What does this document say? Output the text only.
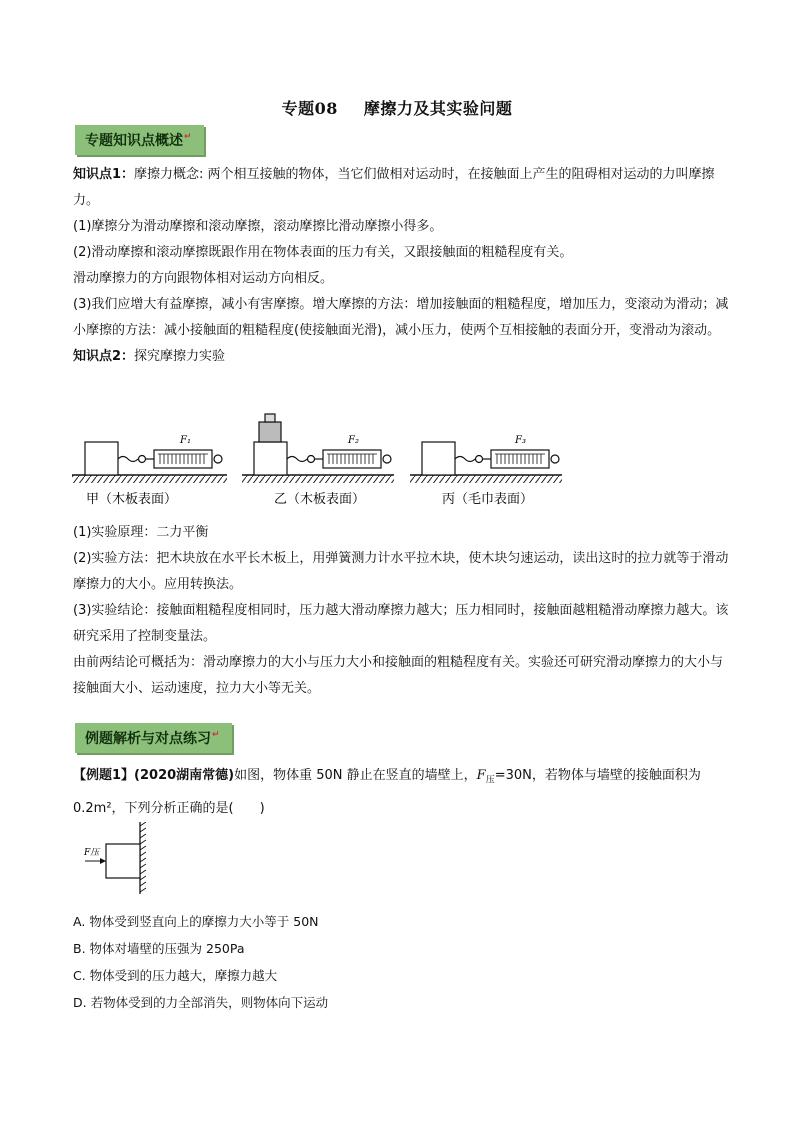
专题08 摩擦力及其实验问题
专题知识点概述↵

知识点1：摩擦力概念: 两个相互接触的物体，当它们做相对运动时，在接触面上产生的阻碍相对运动的力叫摩擦力。

(1)摩擦分为滑动摩擦和滚动摩擦，滚动摩擦比滑动摩擦小得多。

(2)滑动摩擦和滚动摩擦既跟作用在物体表面的压力有关，又跟接触面的粗糙程度有关。

滑动摩擦力的方向跟物体相对运动方向相反。

(3)我们应增大有益摩擦，减小有害摩擦。增大摩擦的方法：增加接触面的粗糙程度，增加压力，变滚动为滑动；减小摩擦的方法：减小接触面的粗糙程度(使接触面光滑)，减小压力，使两个互相接触的表面分开，变滑动为滚动。

知识点2：探究摩擦力实验

F₁
甲（木板表面）
F₂
乙（木板表面）
F₃
丙（毛巾表面）

(1)实验原理：二力平衡

(2)实验方法：把木块放在水平长木板上，用弹簧测力计水平拉木块，使木块匀速运动，读出这时的拉力就等于滑动摩擦力的大小。应用转换法。

(3)实验结论：接触面粗糙程度相同时，压力越大滑动摩擦力越大；压力相同时，接触面越粗糙滑动摩擦力越大。该研究采用了控制变量法。

由前两结论可概括为：滑动摩擦力的大小与压力大小和接触面的粗糙程度有关。实验还可研究滑动摩擦力的大小与接触面大小、运动速度，拉力大小等无关。

例题解析与对点练习↵

【例题1】(2020湖南常德)如图，物体重 50N 静止在竖直的墙壁上，$F_压=30N$，若物体与墙壁的接触面积为 0.2m²，下列分析正确的是(　　)

F压

A. 物体受到竖直向上的摩擦力大小等于 50N

B. 物体对墙壁的压强为 250Pa

C. 物体受到的压力越大，摩擦力越大

D. 若物体受到的力全部消失，则物体向下运动
